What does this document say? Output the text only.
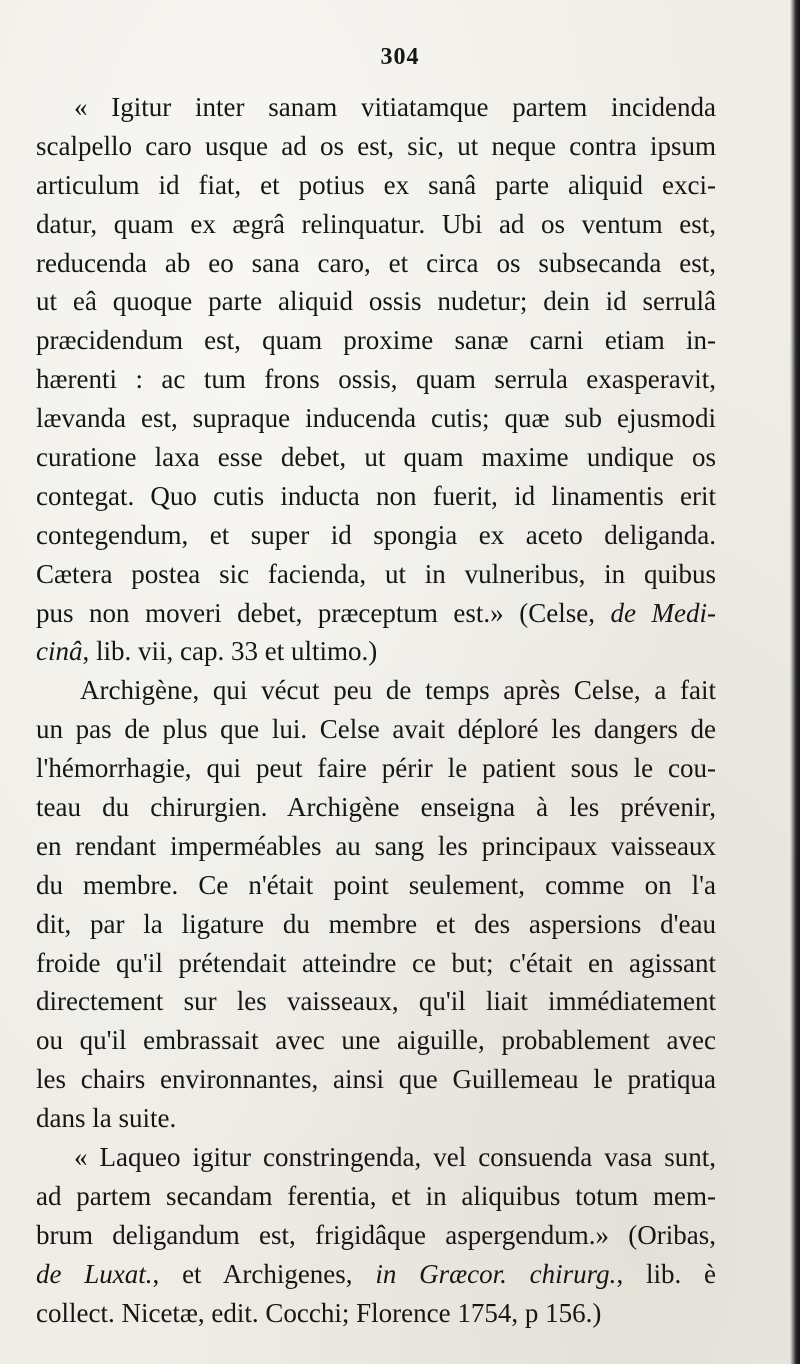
304
« Igitur inter sanam vitiatamque partem incidenda
scalpello caro usque ad os est, sic, ut neque contra ipsum
articulum id fiat, et potius ex sanâ parte aliquid exci-
datur, quam ex ægrâ relinquatur. Ubi ad os ventum est,
reducenda ab eo sana caro, et circa os subsecanda est,
ut eâ quoque parte aliquid ossis nudetur; dein id serrulâ
præcidendum est, quam proxime sanæ carni etiam in-
hærenti : ac tum frons ossis, quam serrula exasperavit,
lævanda est, supraque inducenda cutis; quæ sub ejusmodi
curatione laxa esse debet, ut quam maxime undique os
contegat. Quo cutis inducta non fuerit, id linamentis erit
contegendum, et super id spongia ex aceto deliganda.
Cætera postea sic facienda, ut in vulneribus, in quibus
pus non moveri debet, præceptum est.» (Celse, de Medi-
cinâ, lib. vii, cap. 33 et ultimo.)
Archigène, qui vécut peu de temps après Celse, a fait
un pas de plus que lui. Celse avait déploré les dangers de
l'hémorrhagie, qui peut faire périr le patient sous le cou-
teau du chirurgien. Archigène enseigna à les prévenir,
en rendant imperméables au sang les principaux vaisseaux
du membre. Ce n'était point seulement, comme on l'a
dit, par la ligature du membre et des aspersions d'eau
froide qu'il prétendait atteindre ce but; c'était en agissant
directement sur les vaisseaux, qu'il liait immédiatement
ou qu'il embrassait avec une aiguille, probablement avec
les chairs environnantes, ainsi que Guillemeau le pratiqua
dans la suite.
« Laqueo igitur constringenda, vel consuenda vasa sunt,
ad partem secandam ferentia, et in aliquibus totum mem-
brum deligandum est, frigidâque aspergendum.» (Oribas,
de Luxat., et Archigenes, in Græcor. chirurg., lib. è
collect. Nicetæ, edit. Cocchi; Florence 1754, p 156.)
